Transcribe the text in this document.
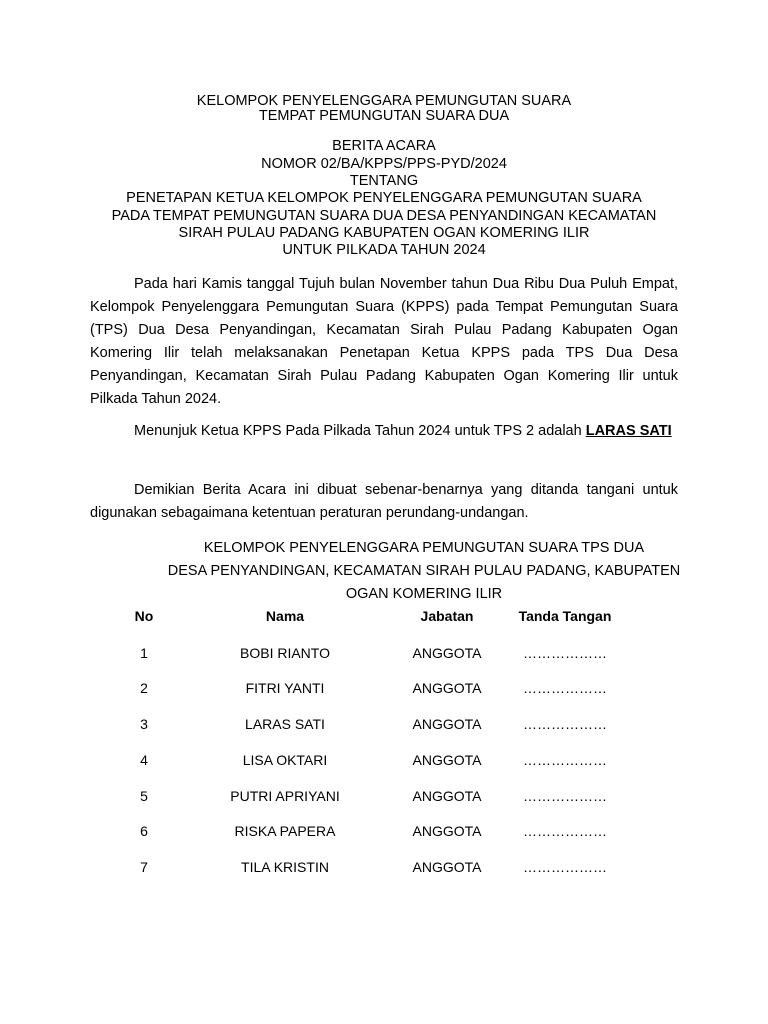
KELOMPOK PENYELENGGARA PEMUNGUTAN SUARA
TEMPAT PEMUNGUTAN SUARA DUA
BERITA ACARA
NOMOR 02/BA/KPPS/PPS-PYD/2024
TENTANG
PENETAPAN KETUA KELOMPOK PENYELENGGARA PEMUNGUTAN SUARA
PADA TEMPAT PEMUNGUTAN SUARA DUA DESA PENYANDINGAN KECAMATAN
SIRAH PULAU PADANG KABUPATEN OGAN KOMERING ILIR
UNTUK PILKADA TAHUN 2024
Pada hari Kamis tanggal Tujuh bulan November tahun Dua Ribu Dua Puluh Empat, Kelompok Penyelenggara Pemungutan Suara (KPPS) pada Tempat Pemungutan Suara (TPS) Dua Desa Penyandingan, Kecamatan Sirah Pulau Padang Kabupaten Ogan Komering Ilir telah melaksanakan Penetapan Ketua KPPS pada TPS Dua Desa Penyandingan, Kecamatan Sirah Pulau Padang Kabupaten Ogan Komering Ilir untuk Pilkada Tahun 2024.
Menunjuk Ketua KPPS Pada Pilkada Tahun 2024 untuk TPS 2 adalah LARAS SATI
Demikian Berita Acara ini dibuat sebenar-benarnya yang ditanda tangani untuk digunakan sebagaimana ketentuan peraturan perundang-undangan.
KELOMPOK PENYELENGGARA PEMUNGUTAN SUARA TPS DUA
DESA PENYANDINGAN, KECAMATAN SIRAH PULAU PADANG, KABUPATEN
OGAN KOMERING ILIR
No	Nama	Jabatan	Tanda Tangan
1	BOBI RIANTO	ANGGOTA	………………
2	FITRI YANTI	ANGGOTA	………………
3	LARAS SATI	ANGGOTA	………………
4	LISA OKTARI	ANGGOTA	………………
5	PUTRI APRIYANI	ANGGOTA	………………
6	RISKA PAPERA	ANGGOTA	………………
7	TILA KRISTIN	ANGGOTA	………………
